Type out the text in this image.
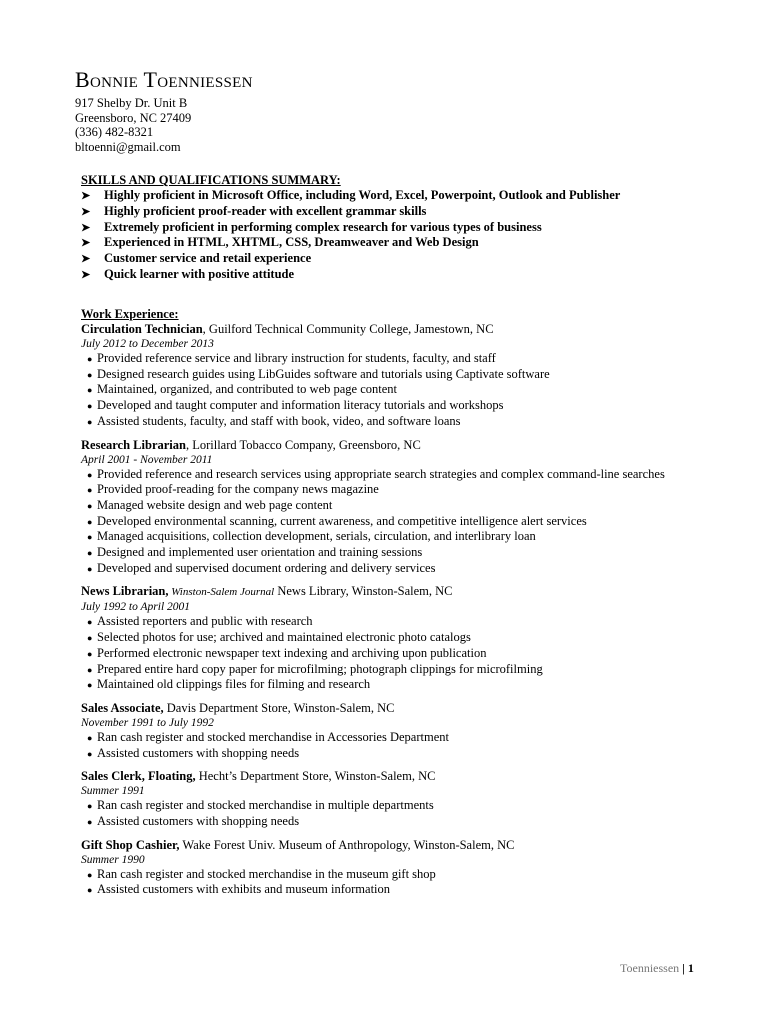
Bonnie Toenniessen
917 Shelby Dr. Unit B
Greensboro, NC 27409
(336) 482-8321
bltoenni@gmail.com
SKILLS AND QUALIFICATIONS SUMMARY:
➤	Highly proficient in Microsoft Office, including Word, Excel, Powerpoint, Outlook and Publisher
➤	Highly proficient proof-reader with excellent grammar skills
➤	Extremely proficient in performing complex research for various types of business
➤	Experienced in HTML, XHTML, CSS, Dreamweaver and Web Design
➤	Customer service and retail experience
➤	Quick learner with positive attitude
Work Experience:
Circulation Technician, Guilford Technical Community College, Jamestown, NC
July 2012 to December 2013
● Provided reference service and library instruction for students, faculty, and staff
● Designed research guides using LibGuides software and tutorials using Captivate software
● Maintained, organized, and contributed to web page content
● Developed and taught computer and information literacy tutorials and workshops
● Assisted students, faculty, and staff with book, video, and software loans
Research Librarian, Lorillard Tobacco Company, Greensboro, NC
April 2001 - November 2011
● Provided reference and research services using appropriate search strategies and complex command-line searches
● Provided proof-reading for the company news magazine
● Managed website design and web page content
● Developed environmental scanning, current awareness, and competitive intelligence alert services
● Managed acquisitions, collection development, serials, circulation, and interlibrary loan
● Designed and implemented user orientation and training sessions
● Developed and supervised document ordering and delivery services
News Librarian, Winston-Salem Journal News Library, Winston-Salem, NC
July 1992 to April 2001
● Assisted reporters and public with research
● Selected photos for use; archived and maintained electronic photo catalogs
● Performed electronic newspaper text indexing and archiving upon publication
● Prepared entire hard copy paper for microfilming; photograph clippings for microfilming
● Maintained old clippings files for filming and research
Sales Associate, Davis Department Store, Winston-Salem, NC
November 1991 to July 1992
● Ran cash register and stocked merchandise in Accessories Department
● Assisted customers with shopping needs
Sales Clerk, Floating, Hecht’s Department Store, Winston-Salem, NC
Summer 1991
● Ran cash register and stocked merchandise in multiple departments
● Assisted customers with shopping needs
Gift Shop Cashier, Wake Forest Univ. Museum of Anthropology, Winston-Salem, NC
Summer 1990
● Ran cash register and stocked merchandise in the museum gift shop
● Assisted customers with exhibits and museum information
Toenniessen | 1
